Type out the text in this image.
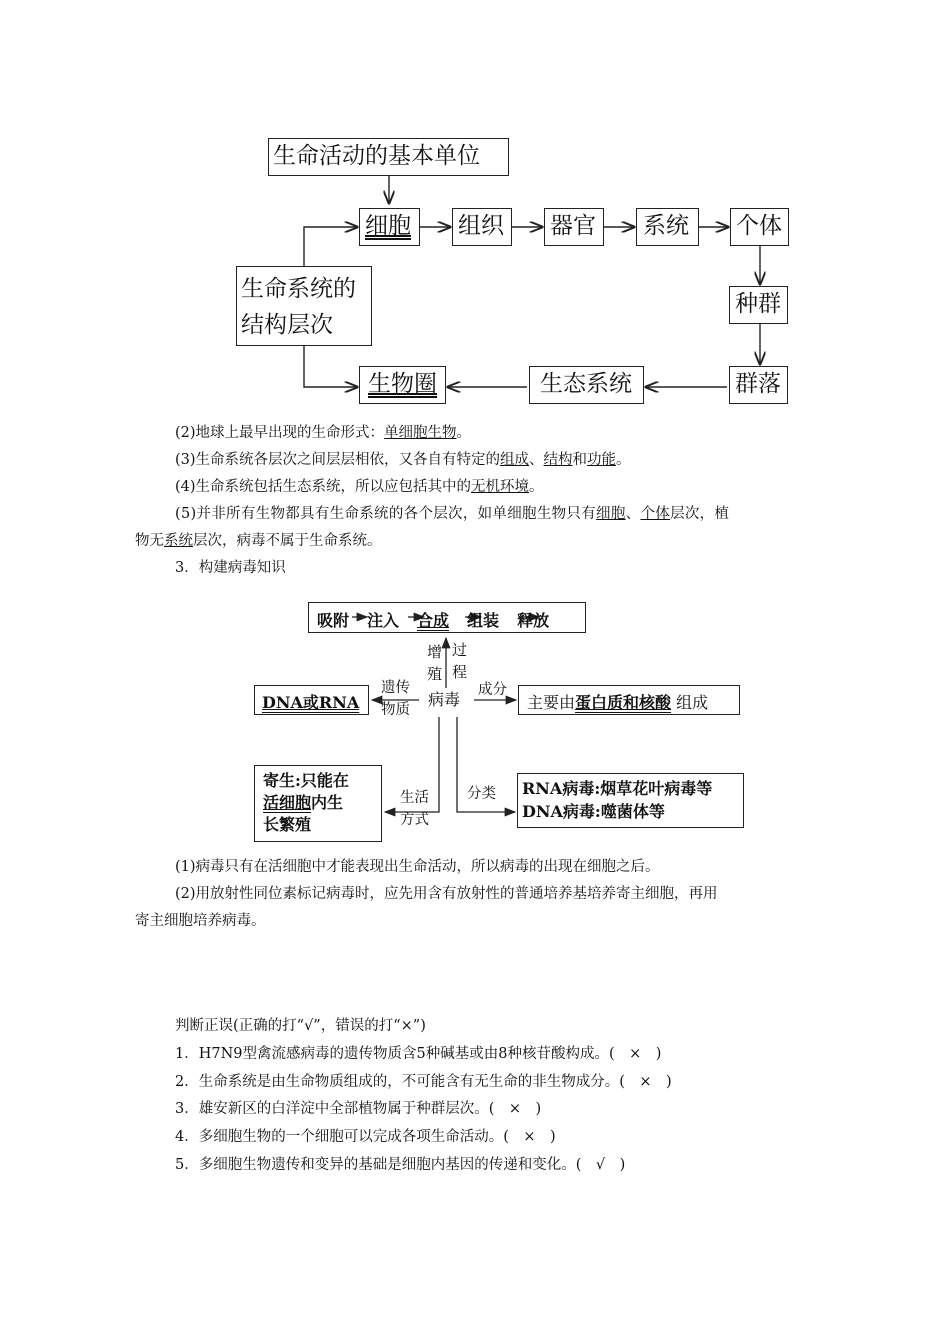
生命活动的基本单位
细胞	组织	器官	系统	个体
种群
群落
生态系统
生物圈
生命系统的
结构层次
(2)地球上最早出现的生命形式：单细胞生物。
(3)生命系统各层次之间层层相依，又各自有特定的组成、结构和功能。
(4)生命系统包括生态系统，所以应包括其中的无机环境。
(5)并非所有生物都具有生命系统的各个层次，如单细胞生物只有细胞、个体层次，植
物无系统层次，病毒不属于生命系统。
3．构建病毒知识
吸附 注入 合成 组装 释放
增
殖
过
程
病毒
DNA或RNA
遗传
物质
成分
主要由蛋白质和核酸 组成
寄生:只能在
活细胞内生
长繁殖
生活
方式
分类 RNA病毒:烟草花叶病毒等
DNA病毒:噬菌体等
(1)病毒只有在活细胞中才能表现出生命活动，所以病毒的出现在细胞之后。
(2)用放射性同位素标记病毒时，应先用含有放射性的普通培养基培养寄主细胞，再用
寄主细胞培养病毒。
判断正误(正确的打“√”，错误的打“×”)
1．H7N9型禽流感病毒的遗传物质含5种碱基或由8种核苷酸构成。(　×　)
2．生命系统是由生命物质组成的，不可能含有无生命的非生物成分。(　×　)
3．雄安新区的白洋淀中全部植物属于种群层次。(　×　)
4．多细胞生物的一个细胞可以完成各项生命活动。(　×　)
5．多细胞生物遗传和变异的基础是细胞内基因的传递和变化。(　√　)
